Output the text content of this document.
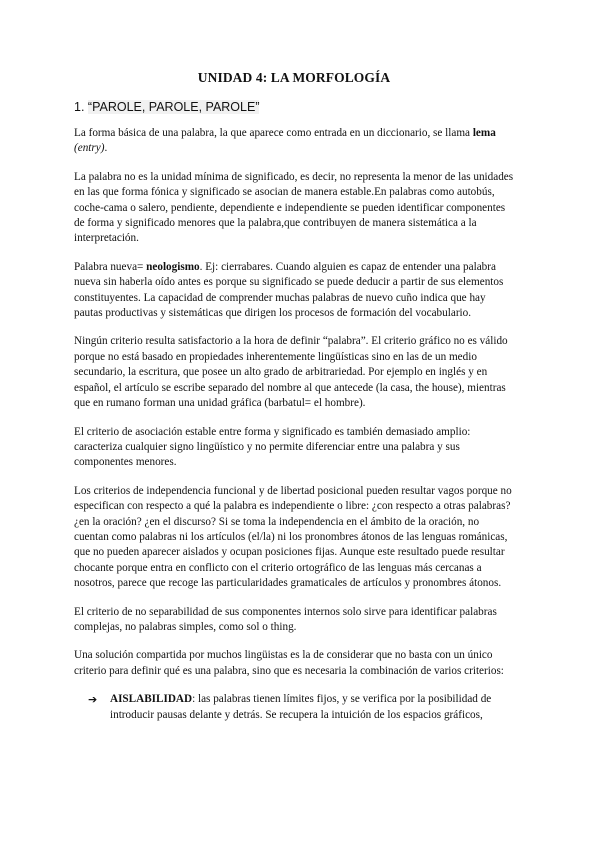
UNIDAD 4: LA MORFOLOGÍA
1. “PAROLE, PAROLE, PAROLE”

La forma básica de una palabra, la que aparece como entrada en un diccionario, se llama lema (entry).

La palabra no es la unidad mínima de significado, es decir, no representa la menor de las unidades en las que forma fónica y significado se asocian de manera estable.En palabras como autobús, coche-cama o salero, pendiente, dependiente e independiente se pueden identificar componentes de forma y significado menores que la palabra,que contribuyen de manera sistemática a la interpretación.

Palabra nueva= neologismo. Ej: cierrabares. Cuando alguien es capaz de entender una palabra nueva sin haberla oído antes es porque su significado se puede deducir a partir de sus elementos constituyentes. La capacidad de comprender muchas palabras de nuevo cuño indica que hay pautas productivas y sistemáticas que dirigen los procesos de formación del vocabulario.

Ningún criterio resulta satisfactorio a la hora de definir “palabra”. El criterio gráfico no es válido porque no está basado en propiedades inherentemente lingüísticas sino en las de un medio secundario, la escritura, que posee un alto grado de arbitrariedad. Por ejemplo en inglés y en español, el artículo se escribe separado del nombre al que antecede (la casa, the house), mientras que en rumano forman una unidad gráfica (barbatul= el hombre).

El criterio de asociación estable entre forma y significado es también demasiado amplio: caracteriza cualquier signo lingüístico y no permite diferenciar entre una palabra y sus componentes menores.

Los criterios de independencia funcional y de libertad posicional pueden resultar vagos porque no especifican con respecto a qué la palabra es independiente o libre: ¿con respecto a otras palabras? ¿en la oración? ¿en el discurso? Si se toma la independencia en el ámbito de la oración, no cuentan como palabras ni los artículos (el/la) ni los pronombres átonos de las lenguas románicas, que no pueden aparecer aislados y ocupan posiciones fijas. Aunque este resultado puede resultar chocante porque entra en conflicto con el criterio ortográfico de las lenguas más cercanas a nosotros, parece que recoge las particularidades gramaticales de artículos y pronombres átonos.

El criterio de no separabilidad de sus componentes internos solo sirve para identificar palabras complejas, no palabras simples, como sol o thing.

Una solución compartida por muchos lingüistas es la de considerar que no basta con un único criterio para definir qué es una palabra, sino que es necesaria la combinación de varios criterios:

➔	AISLABILIDAD: las palabras tienen límites fijos, y se verifica por la posibilidad de introducir pausas delante y detrás. Se recupera la intuición de los espacios gráficos,
